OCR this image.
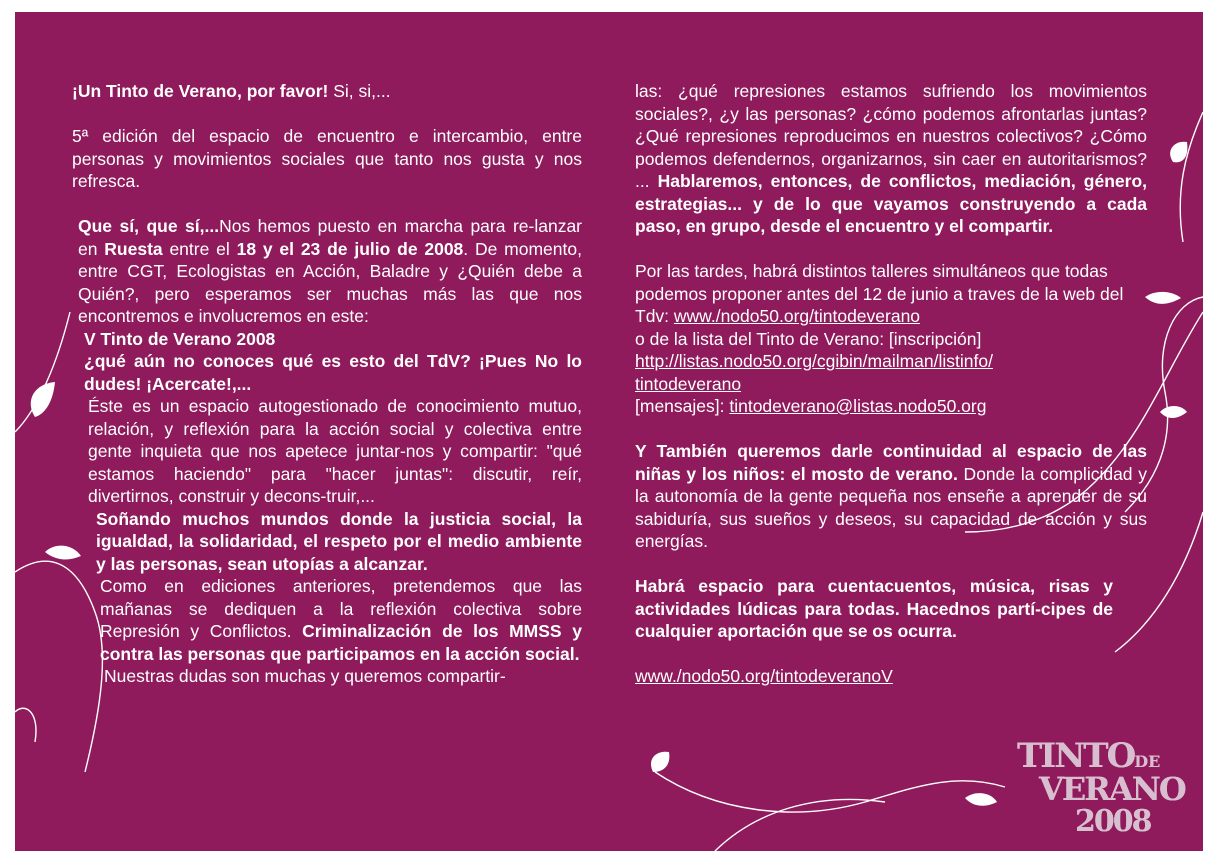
¡Un Tinto de Verano, por favor! Si, si,...

5ª edición del espacio de encuentro e intercambio, entre personas y movimientos sociales que tanto nos gusta y nos refresca.

Que sí, que sí,...Nos hemos puesto en marcha para re-lanzar en Ruesta entre el 18 y el 23 de julio de 2008. De momento, entre CGT, Ecologistas en Acción, Baladre y ¿Quién debe a Quién?, pero esperamos ser muchas más las que nos encontremos e involucremos en este:

V Tinto de Verano 2008

¿qué aún no conoces qué es esto del TdV? ¡Pues No lo dudes! ¡Acercate!,...

Éste es un espacio autogestionado de conocimiento mutuo, relación, y reflexión para la acción social y colectiva entre gente inquieta que nos apetece juntar-nos y compartir: "qué estamos haciendo" para "hacer juntas": discutir, reír, divertirnos, construir y decons-truir,...

Soñando muchos mundos donde la justicia social, la igualdad, la solidaridad, el respeto por el medio ambiente y las personas, sean utopías a alcanzar.

Como en ediciones anteriores, pretendemos que las mañanas se dediquen a la reflexión colectiva sobre Represión y Conflictos. Criminalización de los MMSS y contra las personas que participamos en la acción social.

Nuestras dudas son muchas y queremos compartir-

las: ¿qué represiones estamos sufriendo los movimientos sociales?, ¿y las personas? ¿cómo podemos afrontarlas juntas? ¿Qué represiones reproducimos en nuestros colectivos? ¿Cómo podemos defendernos, organizarnos, sin caer en autoritarismos? ... Hablaremos, entonces, de conflictos, mediación, género, estrategias... y de lo que vayamos construyendo a cada paso, en grupo, desde el encuentro y el compartir.

Por las tardes, habrá distintos talleres simultáneos que todas podemos proponer antes del 12 de junio a traves de la web del Tdv: www./nodo50.org/tintodeverano
o de la lista del Tinto de Verano: [inscripción]
http://listas.nodo50.org/cgibin/mailman/listinfo/
tintodeverano
[mensajes]: tintodeverano@listas.nodo50.org

Y También queremos darle continuidad al espacio de las niñas y los niños: el mosto de verano. Donde la complicidad y la autonomía de la gente pequeña nos enseñe a aprender de su sabiduría, sus sueños y deseos, su capacidad de acción y sus energías.

Habrá espacio para cuentacuentos, música, risas y actividades lúdicas para todas. Hacednos partí-cipes de cualquier aportación que se os ocurra.

www./nodo50.org/tintodeveranoV

TINTODE
VERANO
2008
